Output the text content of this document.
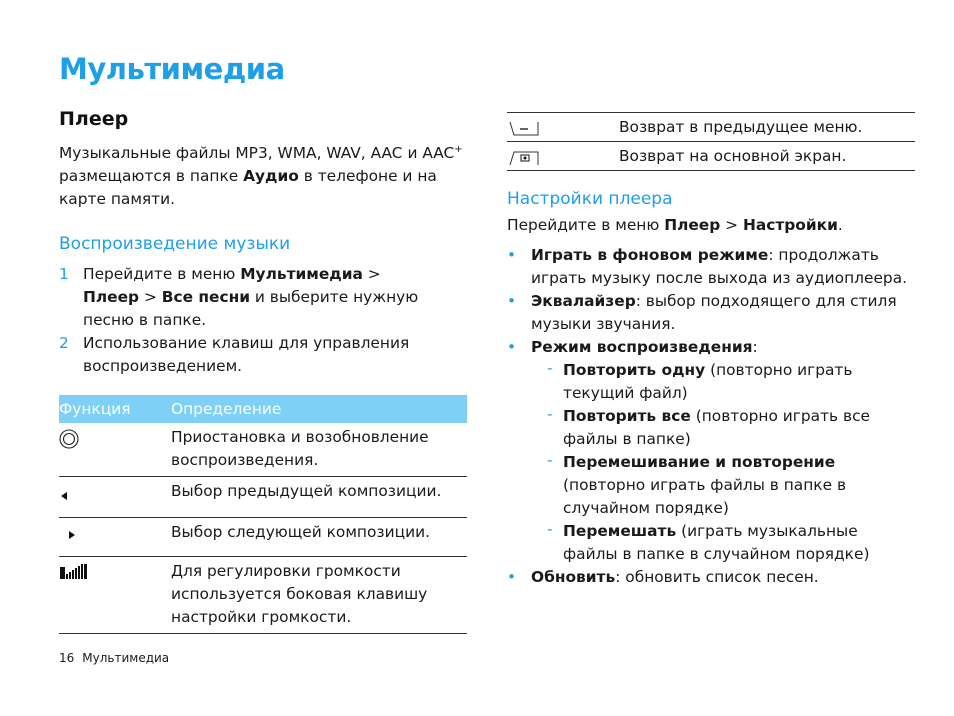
Мультимедиа
Плеер

Музыкальные файлы MP3, WMA, WAV, AAC и AAC+ размещаются в папке Аудио в телефоне и на карте памяти.

Воспроизведение музыки
1 Перейдите в меню Мультимедиа >
Плеер > Все песни и выберите нужную песню в папке.
2 Использование клавиш для управления воспроизведением.
Функция	Определение
	Приостановка и возобновление воспроизведения.
	Выбор предыдущей композиции.
	Выбор следующей композиции.
	Для регулировки громкости используется боковая клавишу настройки громкости.
	Возврат в предыдущее меню.

	Возврат на основной экран.
Настройки плеера

Перейдите в меню Плеер > Настройки.

• Играть в фоновом режиме: продолжать играть музыку после выхода из аудиоплеера.
• Эквалайзер: выбор подходящего для стиля музыки звучания.
• Режим воспроизведения:
- Повторить одну (повторно играть текущий файл)
- Повторить все (повторно играть все файлы в папке)
- Перемешивание и повторение (повторно играть файлы в папке в случайном порядке)
- Перемешать (играть музыкальные файлы в папке в случайном порядке)
• Обновить: обновить список песен.
16 Мультимедиа
